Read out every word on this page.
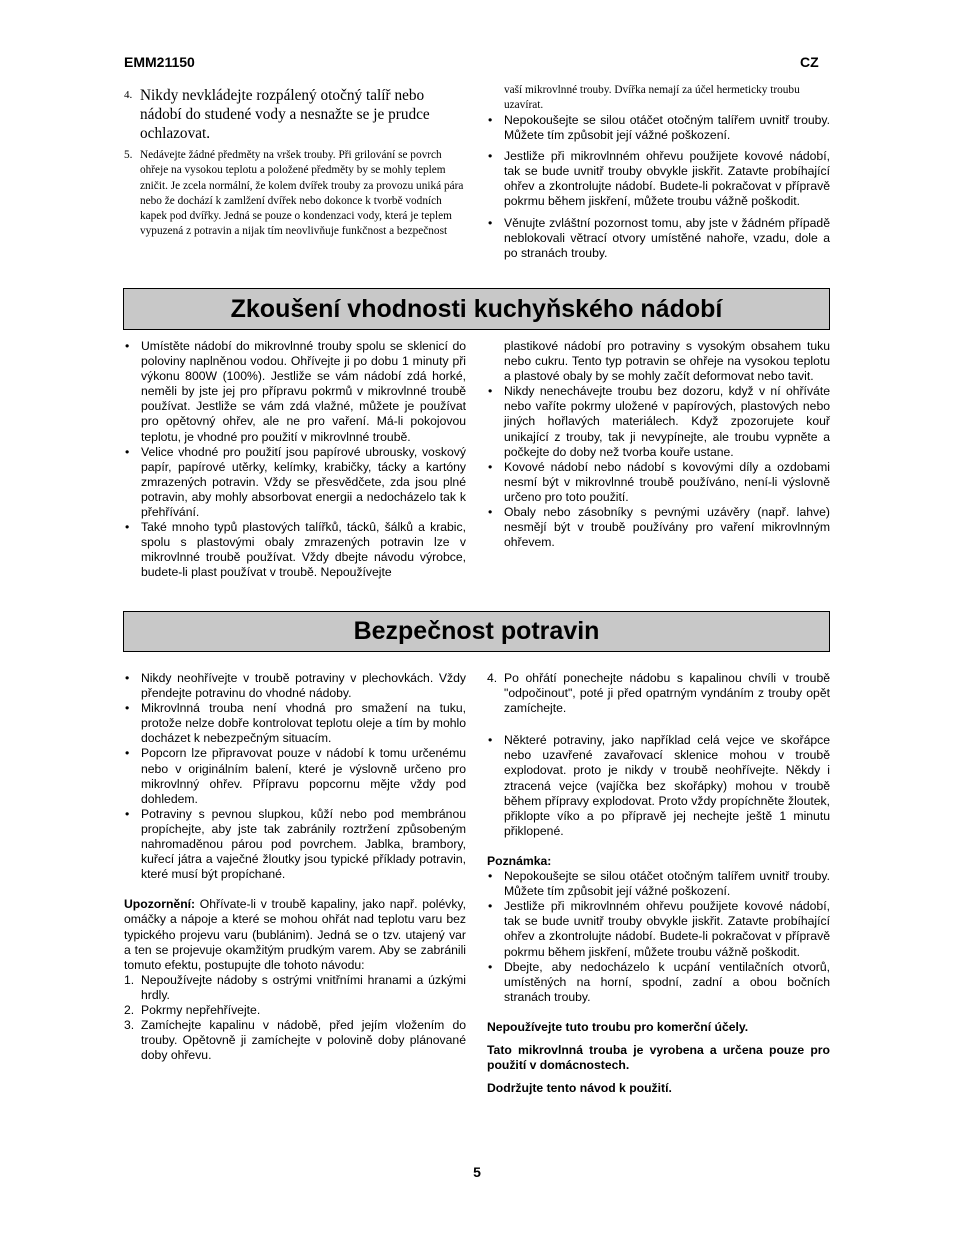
EMM21150	CZ
4. Nikdy nevkládejte rozpálený otočný talíř nebo nádobí do studené vody a nesnažte se je prudce ochlazovat.
5. Nedávejte žádné předměty na vršek trouby. Při grilování se povrch ohřeje na vysokou teplotu a položené předměty by se mohly teplem zničit. Je zcela normální, že kolem dvířek trouby za provozu uniká pára nebo že dochází k zamlžení dvířek nebo dokonce k tvorbě vodních kapek pod dvířky. Jedná se pouze o kondenzaci vody, která je teplem vypuzená z potravin a nijak tím neovlivňuje funkčnost a bezpečnost

vaší mikrovlnné trouby. Dvířka nemají za účel hermeticky troubu uzavírat.

• Nepokoušejte se silou otáčet otočným talířem uvnitř trouby. Můžete tím způsobit její vážné poškození.
• Jestliže při mikrovlnném ohřevu použijete kovové nádobí, tak se bude uvnitř trouby obvykle jiskřit. Zatavte probíhající ohřev a zkontrolujte nádobí. Budete-li pokračovat v přípravě pokrmu během jiskření, můžete troubu vážně poškodit.
• Věnujte zvláštní pozornost tomu, aby jste v žádném případě neblokovali větrací otvory umístěné nahoře, vzadu, dole a po stranách trouby.
Zkoušení vhodnosti kuchyňského nádobí
• Umístěte nádobí do mikrovlnné trouby spolu se sklenicí do poloviny naplněnou vodou. Ohřívejte ji po dobu 1 minuty při výkonu 800W (100%). Jestliže se vám nádobí zdá horké, neměli by jste jej pro přípravu pokrmů v mikrovlnné troubě používat. Jestliže se vám zdá vlažné, můžete je používat pro opětovný ohřev, ale ne pro vaření. Má-li pokojovou teplotu, je vhodné pro použití v mikrovlnné troubě.
• Velice vhodné pro použití jsou papírové ubrousky, voskový papír, papírové utěrky, kelímky, krabičky, tácky a kartóny zmrazených potravin. Vždy se přesvědčete, zda jsou plné potravin, aby mohly absorbovat energii a nedocházelo tak k přehřívání.
• Také mnoho typů plastových talířků, táckû, šálků a krabic, spolu s plastovými obaly zmrazených potravin lze v mikrovlnné troubě používat. Vždy dbejte návodu výrobce, budete-li plast používat v troubě. Nepoužívejte

plastikové nádobí pro potraviny s vysokým obsahem tuku nebo cukru. Tento typ potravin se ohřeje na vysokou teplotu a plastové obaly by se mohly začít deformovat nebo tavit.

• Nikdy nenechávejte troubu bez dozoru, když v ní ohříváte nebo vaříte pokrmy uložené v papírových, plastových nebo jiných hořlavých materiálech. Když zpozorujete kouř unikající z trouby, tak ji nevypínejte, ale troubu vypněte a počkejte do doby než tvorba kouře ustane.
• Kovové nádobí nebo nádobí s kovovými díly a ozdobami nesmí být v mikrovlnné troubě používáno, není-li výslovně určeno pro toto použití.
• Obaly nebo zásobníky s pevnými uzávěry (např. lahve) nesmějí být v troubě používány pro vaření mikrovlnným ohřevem.
Bezpečnost potravin
• Nikdy neohřívejte v troubě potraviny v plechovkách. Vždy přendejte potravinu do vhodné nádoby.
• Mikrovlnná trouba není vhodná pro smažení na tuku, protože nelze dobře kontrolovat teplotu oleje a tím by mohlo docházet k nebezpečným situacím.
• Popcorn lze připravovat pouze v nádobí k tomu určenému nebo v originálním balení, které je výslovně určeno pro mikrovlnný ohřev. Přípravu popcornu mějte vždy pod dohledem.
• Potraviny s pevnou slupkou, kůží nebo pod membránou propíchejte, aby jste tak zabránily roztržení způsobeným nahromaděnou párou pod povrchem. Jablka, brambory, kuřecí játra a vaječné žloutky jsou typické příklady potravin, které musí být propíchané.

Upozornění: Ohřívate-li v troubě kapaliny, jako např. polévky, omáčky a nápoje a které se mohou ohřát nad teplotu varu bez typického projevu varu (bublánim). Jedná se o tzv. utajený var a ten se projevuje okamžitým prudkým varem. Aby se zabránili tomuto efektu, postupujte dle tohoto návodu:

1. Nepoužívejte nádoby s ostrými vnitřními hranami a úzkými hrdly.
2. Pokrmy nepřehřívejte.
3. Zamíchejte kapalinu v nádobě, před jejím vložením do trouby. Opětovně ji zamíchejte v polovině doby plánované doby ohřevu.
4. Po ohřátí ponechejte nádobu s kapalinou chvíli v troubě "odpočinout", poté ji před opatrným vyndáním z trouby opět zamíchejte.
• Některé potraviny, jako například celá vejce ve skořápce nebo uzavřené zavařovací sklenice mohou v troubě explodovat. proto je nikdy v troubě neohřívejte. Někdy i ztracená vejce (vajíčka bez skořápky) mohou v troubě během přípravy explodovat. Proto vždy propíchněte žloutek, přiklopte víko a po přípravě jej nechejte ještě 1 minutu přiklopené.

Poznámka:

• Nepokoušejte se silou otáčet otočným talířem uvnitř trouby. Můžete tím způsobit její vážné poškození.
• Jestliže při mikrovlnném ohřevu použijete kovové nádobí, tak se bude uvnitř trouby obvykle jiskřit. Zatavte probíhající ohřev a zkontrolujte nádobí. Budete-li pokračovat v přípravě pokrmu během jiskření, můžete troubu vážně poškodit.
• Dbejte, aby nedocházelo k ucpání ventilačních otvorů, umístěných na horní, spodní, zadní a obou bočních stranách trouby.

Nepoužívejte tuto troubu pro komerční účely.

Tato mikrovlnná trouba je vyrobena a určena pouze pro použití v domácnostech.

Dodržujte tento návod k použití.

5
